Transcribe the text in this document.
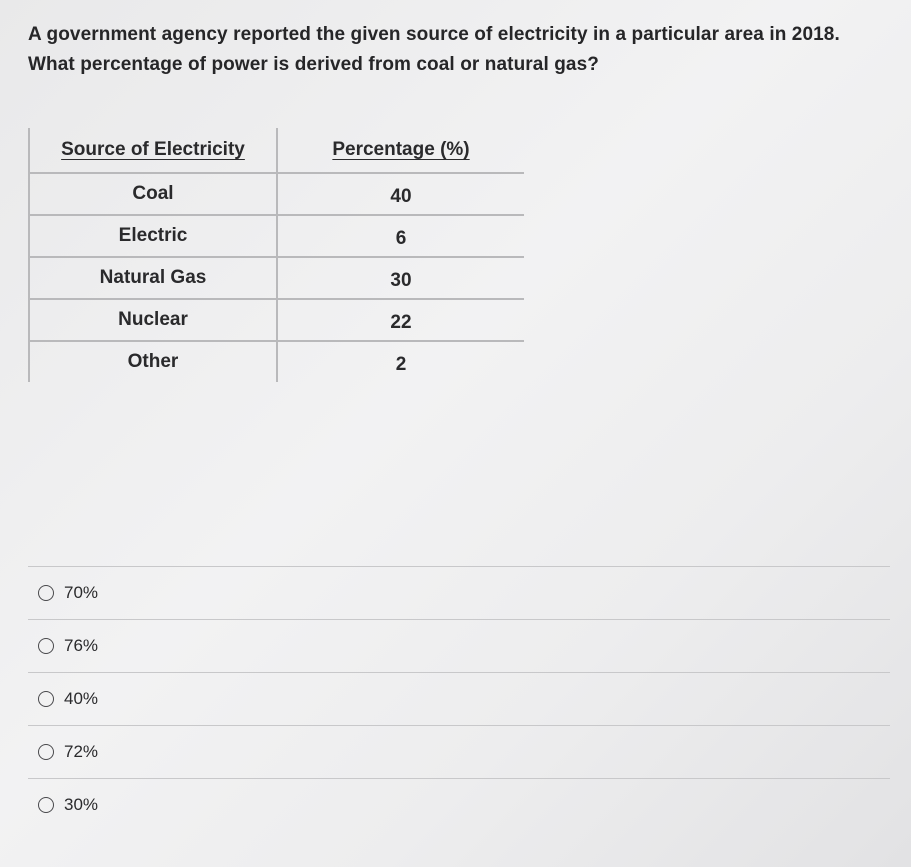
A government agency reported the given source of electricity in a particular area in 2018.

What percentage of power is derived from coal or natural gas?

Source of Electricity	Percentage (%)
Coal	40
Electric	6
Natural Gas	30
Nuclear	22
Other	2
70%
76%
40%
72%
30%
